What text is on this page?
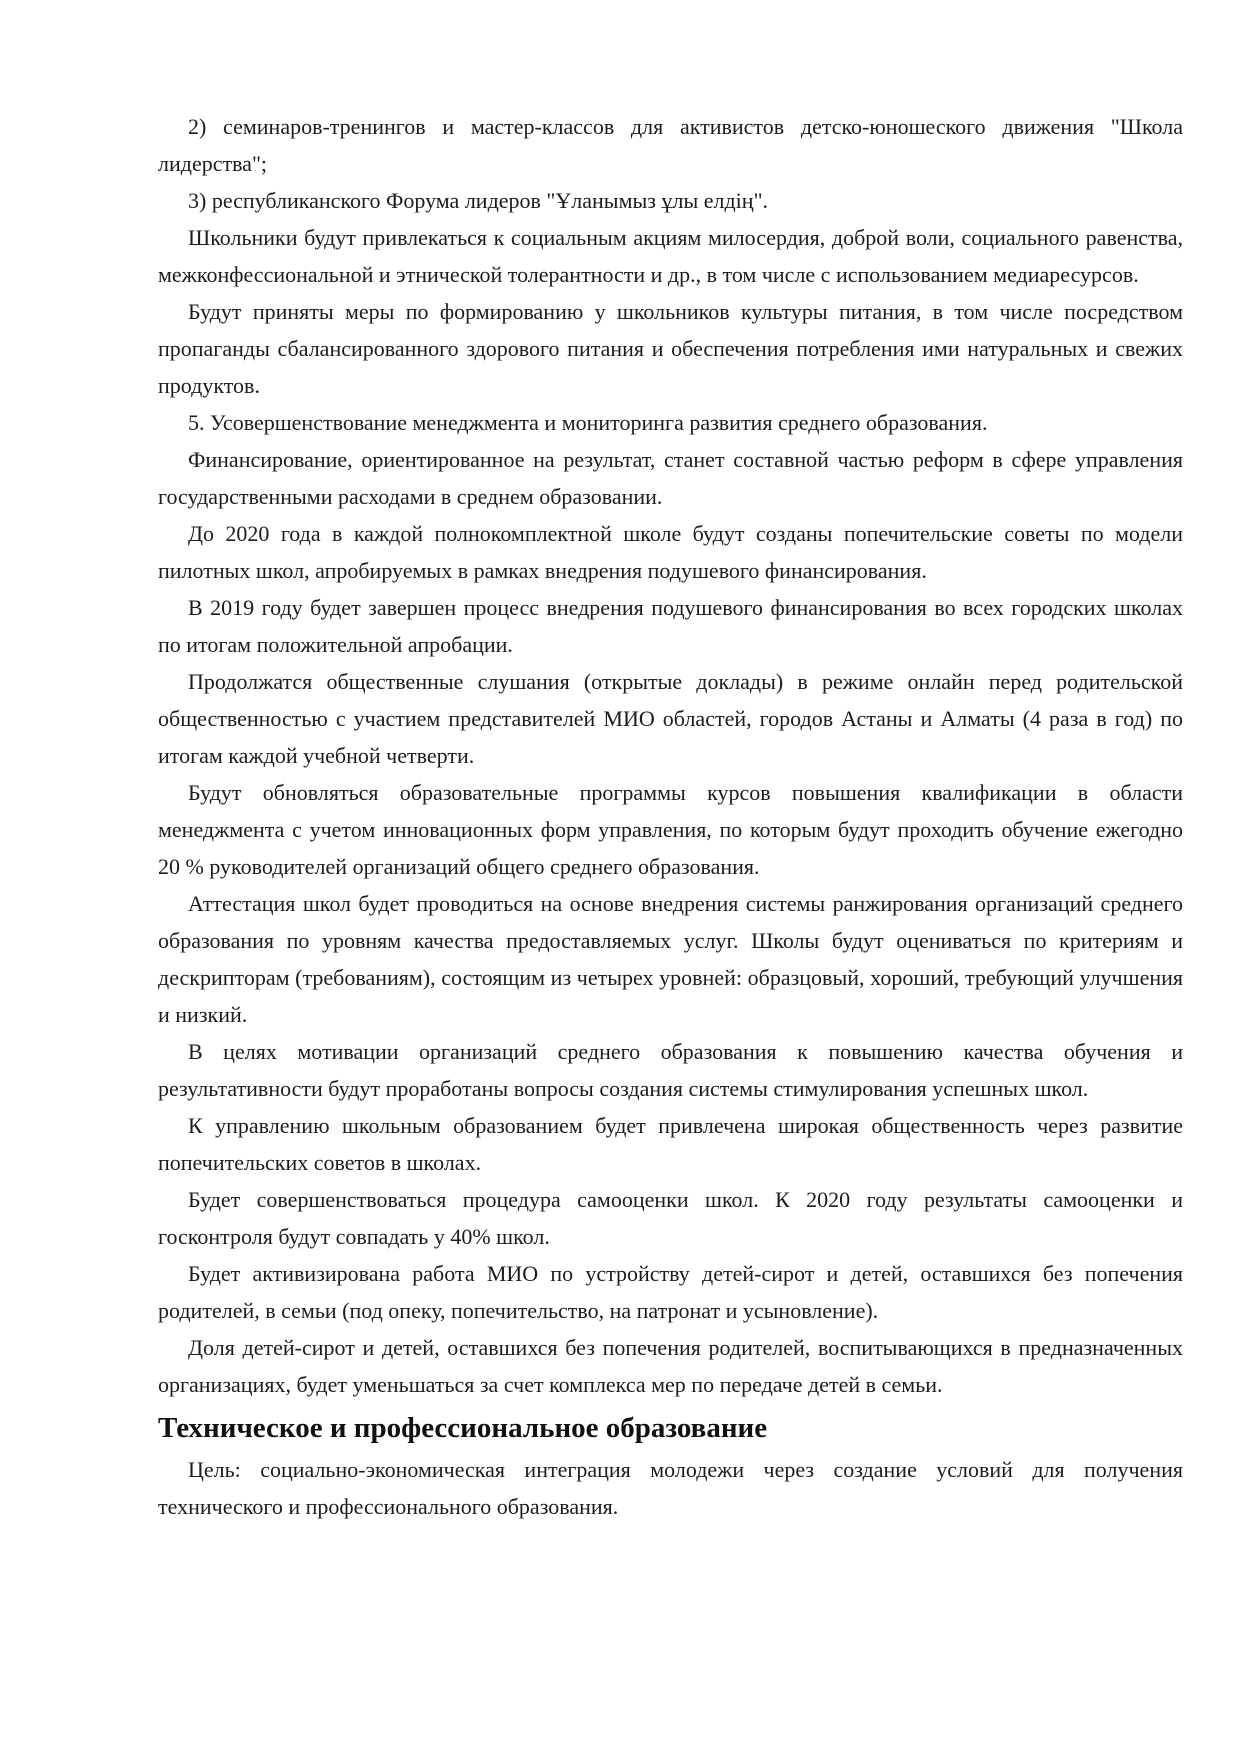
2) семинаров-тренингов и мастер-классов для активистов детско-юношеского движения "Школа лидерства";

3) республиканского Форума лидеров "Ұланымыз ұлы елдің".

Школьники будут привлекаться к социальным акциям милосердия, доброй воли, социального равенства, межконфессиональной и этнической толерантности и др., в том числе с использованием медиаресурсов.

Будут приняты меры по формированию у школьников культуры питания, в том числе посредством пропаганды сбалансированного здорового питания и обеспечения потребления ими натуральных и свежих продуктов.

5. Усовершенствование менеджмента и мониторинга развития среднего образования.

Финансирование, ориентированное на результат, станет составной частью реформ в сфере управления государственными расходами в среднем образовании.

До 2020 года в каждой полнокомплектной школе будут созданы попечительские советы по модели пилотных школ, апробируемых в рамках внедрения подушевого финансирования.

В 2019 году будет завершен процесс внедрения подушевого финансирования во всех городских школах по итогам положительной апробации.

Продолжатся общественные слушания (открытые доклады) в режиме онлайн перед родительской общественностью с участием представителей МИО областей, городов Астаны и Алматы (4 раза в год) по итогам каждой учебной четверти.

Будут обновляться образовательные программы курсов повышения квалификации в области менеджмента с учетом инновационных форм управления, по которым будут проходить обучение ежегодно 20 % руководителей организаций общего среднего образования.

Аттестация школ будет проводиться на основе внедрения системы ранжирования организаций среднего образования по уровням качества предоставляемых услуг. Школы будут оцениваться по критериям и дескрипторам (требованиям), состоящим из четырех уровней: образцовый, хороший, требующий улучшения и низкий.

В целях мотивации организаций среднего образования к повышению качества обучения и результативности будут проработаны вопросы создания системы стимулирования успешных школ.

К управлению школьным образованием будет привлечена широкая общественность через развитие попечительских советов в школах.

Будет совершенствоваться процедура самооценки школ. К 2020 году результаты самооценки и госконтроля будут совпадать у 40% школ.

Будет активизирована работа МИО по устройству детей-сирот и детей, оставшихся без попечения родителей, в семьи (под опеку, попечительство, на патронат и усыновление).

Доля детей-сирот и детей, оставшихся без попечения родителей, воспитывающихся в предназначенных организациях, будет уменьшаться за счет комплекса мер по передаче детей в семьи.

Техническое и профессиональное образование

Цель: социально-экономическая интеграция молодежи через создание условий для получения технического и профессионального образования.
